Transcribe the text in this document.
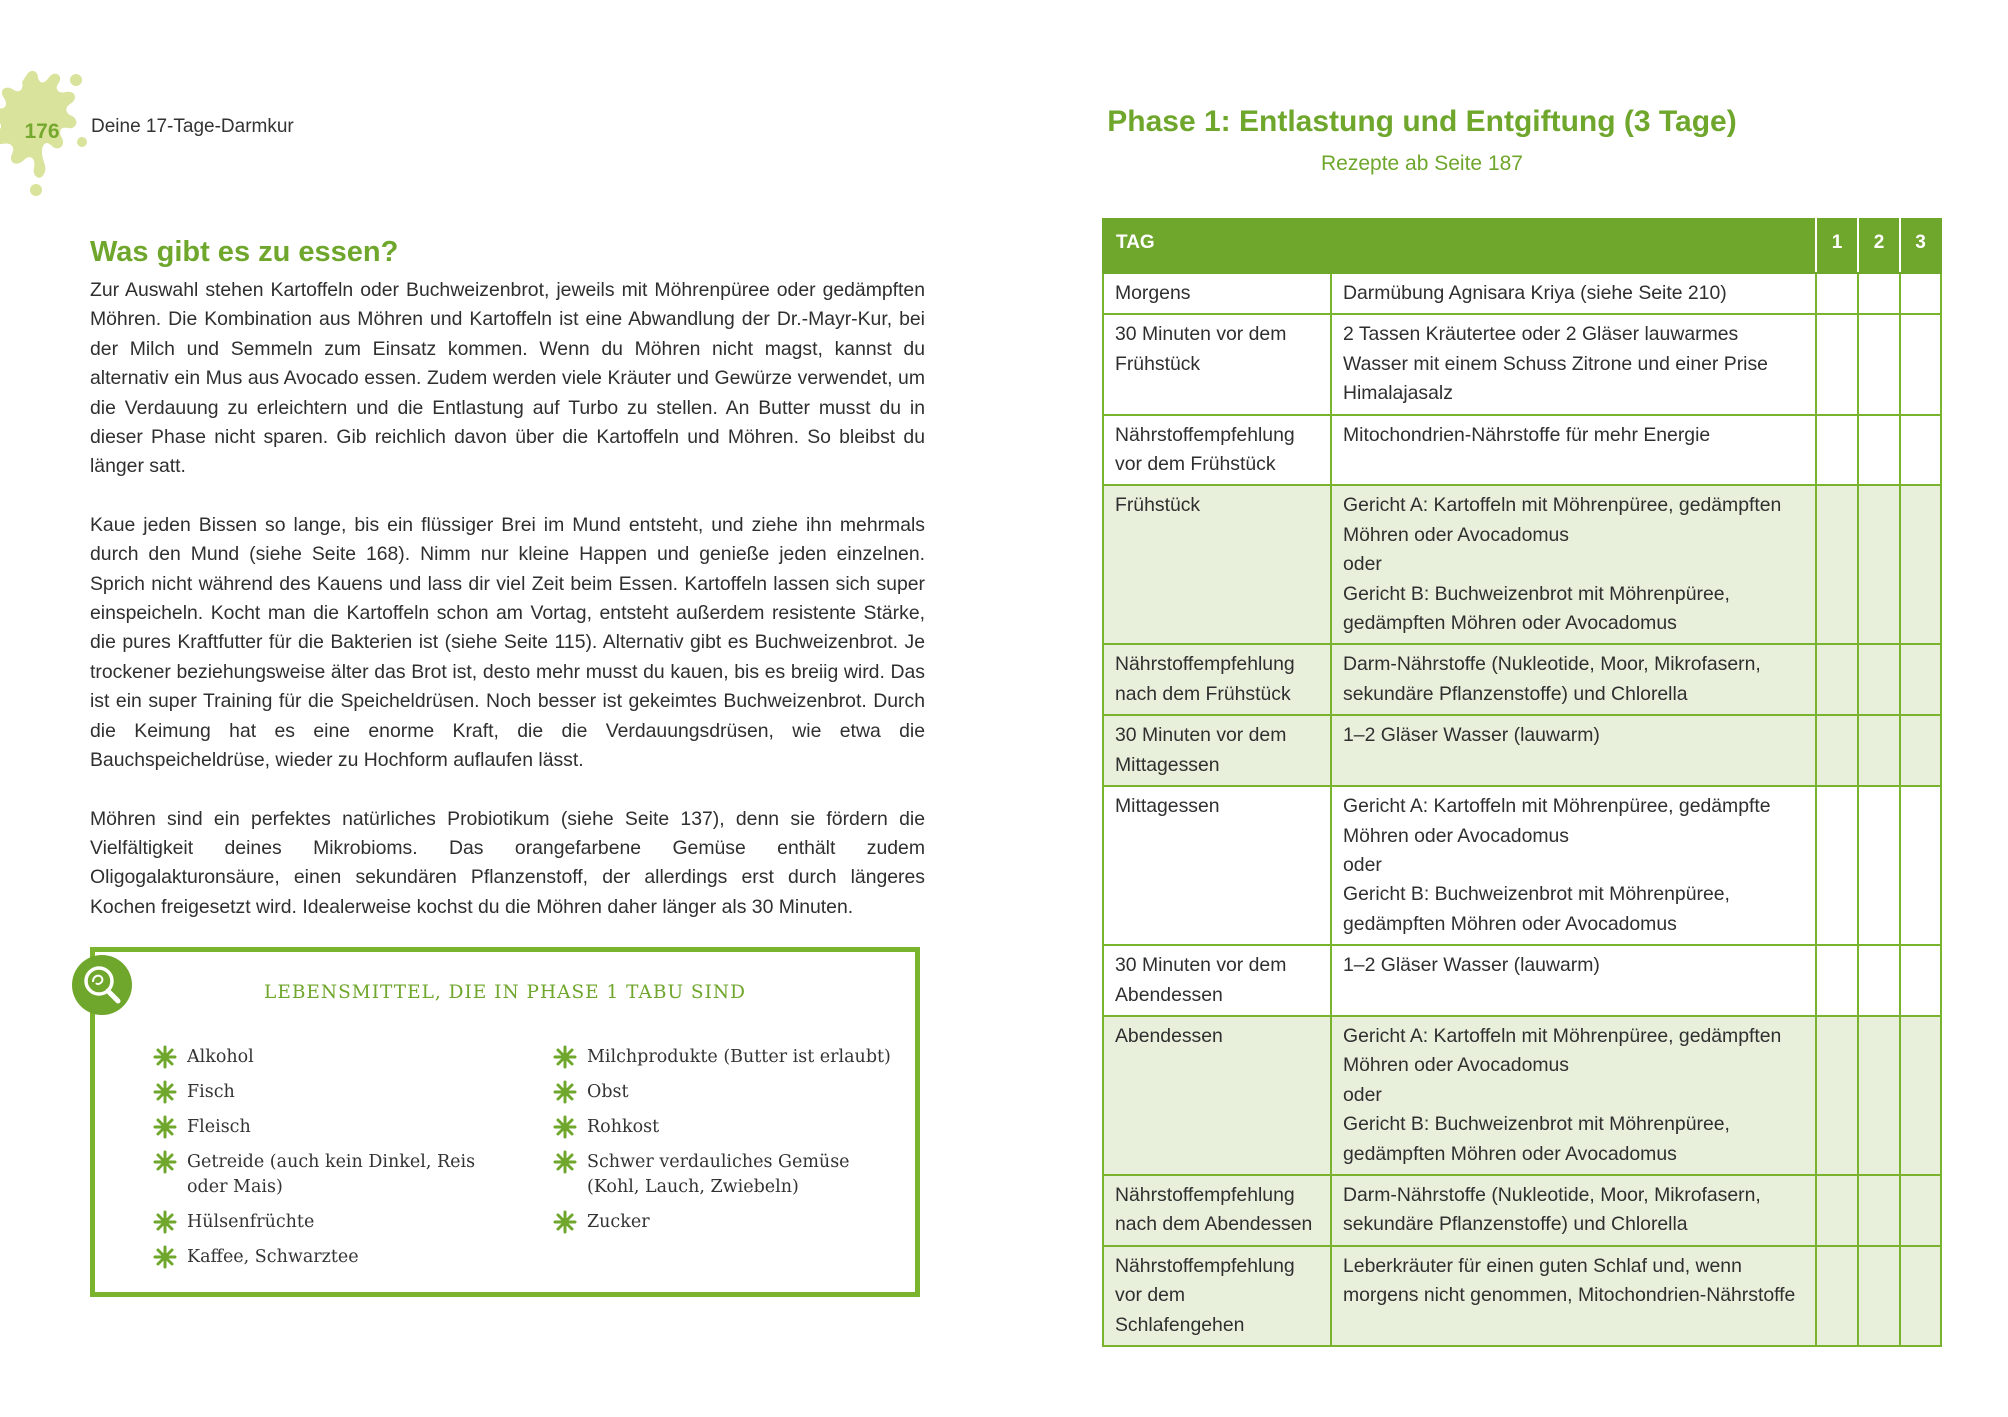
176 Deine 17-Tage-Darmkur
Was gibt es zu essen?

Zur Auswahl stehen Kartoffeln oder Buchweizenbrot, jeweils mit Möhrenpüree oder gedämpften Möhren. Die Kombination aus Möhren und Kartoffeln ist eine Abwandlung der Dr.-Mayr-Kur, bei der Milch und Semmeln zum Einsatz kommen. Wenn du Möhren nicht magst, kannst du alternativ ein Mus aus Avocado essen. Zudem werden viele Kräuter und Gewürze verwendet, um die Verdauung zu erleichtern und die Entlastung auf Turbo zu stellen. An Butter musst du in dieser Phase nicht sparen. Gib reichlich davon über die Kartoffeln und Möhren. So bleibst du länger satt.

Kaue jeden Bissen so lange, bis ein flüssiger Brei im Mund entsteht, und ziehe ihn mehrmals durch den Mund (siehe Seite 168). Nimm nur kleine Happen und genieße jeden einzelnen. Sprich nicht während des Kauens und lass dir viel Zeit beim Essen. Kartoffeln lassen sich super einspeicheln. Kocht man die Kartoffeln schon am Vortag, entsteht außerdem resistente Stärke, die pures Kraftfutter für die Bakterien ist (siehe Seite 115). Alternativ gibt es Buchweizenbrot. Je trockener beziehungsweise älter das Brot ist, desto mehr musst du kauen, bis es breiig wird. Das ist ein super Training für die Speicheldrüsen. Noch besser ist gekeimtes Buchweizenbrot. Durch die Keimung hat es eine enorme Kraft, die die Verdauungsdrüsen, wie etwa die Bauchspeicheldrüse, wieder zu Hochform auflaufen lässt.

Möhren sind ein perfektes natürliches Probiotikum (siehe Seite 137), denn sie fördern die Vielfältigkeit deines Mikrobioms. Das orangefarbene Gemüse enthält zudem Oligogalakturonsäure, einen sekundären Pflanzenstoff, der allerdings erst durch längeres Kochen freigesetzt wird. Idealerweise kochst du die Möhren daher länger als 30 Minuten.

LEBENSMITTEL, DIE IN PHASE 1 TABU SIND
Alkohol
Fisch
Fleisch
Getreide (auch kein Dinkel, Reis oder Mais)
Hülsenfrüchte
Kaffee, Schwarztee
Milchprodukte (Butter ist erlaubt)
Obst
Rohkost
Schwer verdauliches Gemüse (Kohl, Lauch, Zwiebeln)
Zucker
Phase 1: Entlastung und Entgiftung (3 Tage)
Rezepte ab Seite 187
TAG		1	2	3
Morgens	Darmübung Agnisara Kriya (siehe Seite 210)			
30 Minuten vor dem Frühstück	2 Tassen Kräutertee oder 2 Gläser lauwarmes Wasser mit einem Schuss Zitrone und einer Prise Himalajasalz			
Nährstoffempfehlung vor dem Frühstück	Mitochondrien-Nährstoffe für mehr Energie			
Frühstück	Gericht A: Kartoffeln mit Möhrenpüree, gedämpften Möhren oder Avocadomus
oder
Gericht B: Buchweizenbrot mit Möhrenpüree, gedämpften Möhren oder Avocadomus			
Nährstoffempfehlung nach dem Frühstück	Darm-Nährstoffe (Nukleotide, Moor, Mikrofasern, sekundäre Pflanzenstoffe) und Chlorella			
30 Minuten vor dem Mittagessen	1–2 Gläser Wasser (lauwarm)			
Mittagessen	Gericht A: Kartoffeln mit Möhrenpüree, gedämpfte Möhren oder Avocadomus
oder
Gericht B: Buchweizenbrot mit Möhrenpüree, gedämpften Möhren oder Avocadomus			
30 Minuten vor dem Abendessen	1–2 Gläser Wasser (lauwarm)			
Abendessen	Gericht A: Kartoffeln mit Möhrenpüree, gedämpften Möhren oder Avocadomus
oder
Gericht B: Buchweizenbrot mit Möhrenpüree, gedämpften Möhren oder Avocadomus			
Nährstoffempfehlung nach dem Abendessen	Darm-Nährstoffe (Nukleotide, Moor, Mikrofasern, sekundäre Pflanzenstoffe) und Chlorella			
Nährstoffempfehlung vor dem Schlafengehen	Leberkräuter für einen guten Schlaf und, wenn morgens nicht genommen, Mitochondrien-Nährstoffe			
